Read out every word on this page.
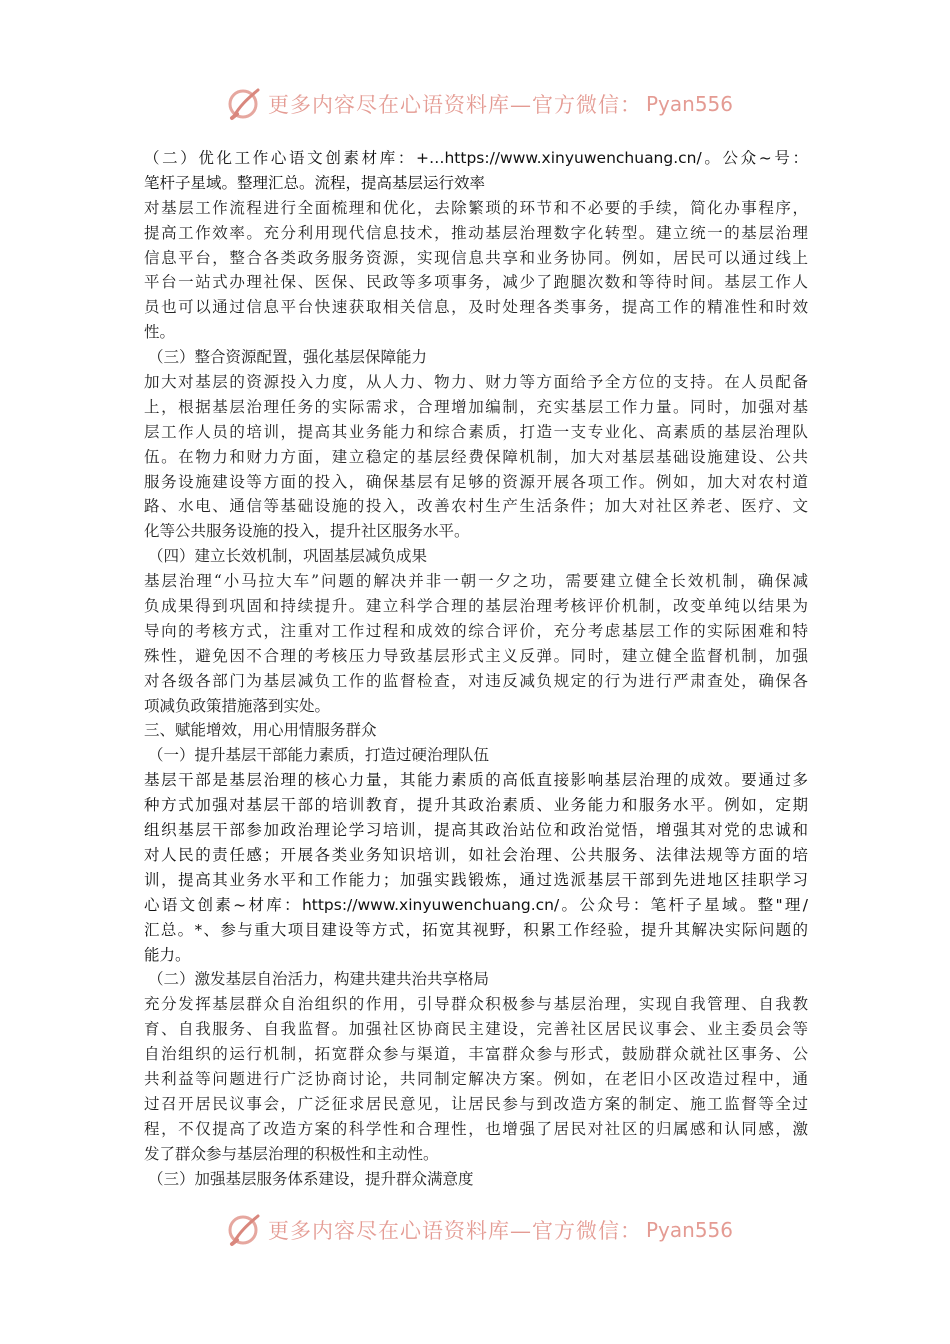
更多内容尽在心语资料库—官方微信： Pyan556
（二）优化工作心语文创素材库：+…https://www.xinyuwenchuang.cn/。公众~号：
笔杆子星域。整理汇总。流程，提高基层运行效率
对基层工作流程进行全面梳理和优化，去除繁琐的环节和不必要的手续，简化办事程序，
提高工作效率。充分利用现代信息技术，推动基层治理数字化转型。建立统一的基层治理
信息平台，整合各类政务服务资源，实现信息共享和业务协同。例如，居民可以通过线上
平台一站式办理社保、医保、民政等多项事务，减少了跑腿次数和等待时间。基层工作人
员也可以通过信息平台快速获取相关信息，及时处理各类事务，提高工作的精准性和时效
性。
（三）整合资源配置，强化基层保障能力
加大对基层的资源投入力度，从人力、物力、财力等方面给予全方位的支持。在人员配备
上，根据基层治理任务的实际需求，合理增加编制，充实基层工作力量。同时，加强对基
层工作人员的培训，提高其业务能力和综合素质，打造一支专业化、高素质的基层治理队
伍。在物力和财力方面，建立稳定的基层经费保障机制，加大对基层基础设施建设、公共
服务设施建设等方面的投入，确保基层有足够的资源开展各项工作。例如，加大对农村道
路、水电、通信等基础设施的投入，改善农村生产生活条件；加大对社区养老、医疗、文
化等公共服务设施的投入，提升社区服务水平。
（四）建立长效机制，巩固基层减负成果
基层治理“小马拉大车”问题的解决并非一朝一夕之功，需要建立健全长效机制，确保减
负成果得到巩固和持续提升。建立科学合理的基层治理考核评价机制，改变单纯以结果为
导向的考核方式，注重对工作过程和成效的综合评价，充分考虑基层工作的实际困难和特
殊性，避免因不合理的考核压力导致基层形式主义反弹。同时，建立健全监督机制，加强
对各级各部门为基层减负工作的监督检查，对违反减负规定的行为进行严肃查处，确保各
项减负政策措施落到实处。
三、赋能增效，用心用情服务群众
（一）提升基层干部能力素质，打造过硬治理队伍
基层干部是基层治理的核心力量，其能力素质的高低直接影响基层治理的成效。要通过多
种方式加强对基层干部的培训教育，提升其政治素质、业务能力和服务水平。例如，定期
组织基层干部参加政治理论学习培训，提高其政治站位和政治觉悟，增强其对党的忠诚和
对人民的责任感；开展各类业务知识培训，如社会治理、公共服务、法律法规等方面的培
训，提高其业务水平和工作能力；加强实践锻炼，通过选派基层干部到先进地区挂职学习
心语文创素~材库：https://www.xinyuwenchuang.cn/。公众号：笔杆子星域。整"理/
汇总。*、参与重大项目建设等方式，拓宽其视野，积累工作经验，提升其解决实际问题的
能力。
（二）激发基层自治活力，构建共建共治共享格局
充分发挥基层群众自治组织的作用，引导群众积极参与基层治理，实现自我管理、自我教
育、自我服务、自我监督。加强社区协商民主建设，完善社区居民议事会、业主委员会等
自治组织的运行机制，拓宽群众参与渠道，丰富群众参与形式，鼓励群众就社区事务、公
共利益等问题进行广泛协商讨论，共同制定解决方案。例如，在老旧小区改造过程中，通
过召开居民议事会，广泛征求居民意见，让居民参与到改造方案的制定、施工监督等全过
程，不仅提高了改造方案的科学性和合理性，也增强了居民对社区的归属感和认同感，激
发了群众参与基层治理的积极性和主动性。
（三）加强基层服务体系建设，提升群众满意度
更多内容尽在心语资料库—官方微信： Pyan556
